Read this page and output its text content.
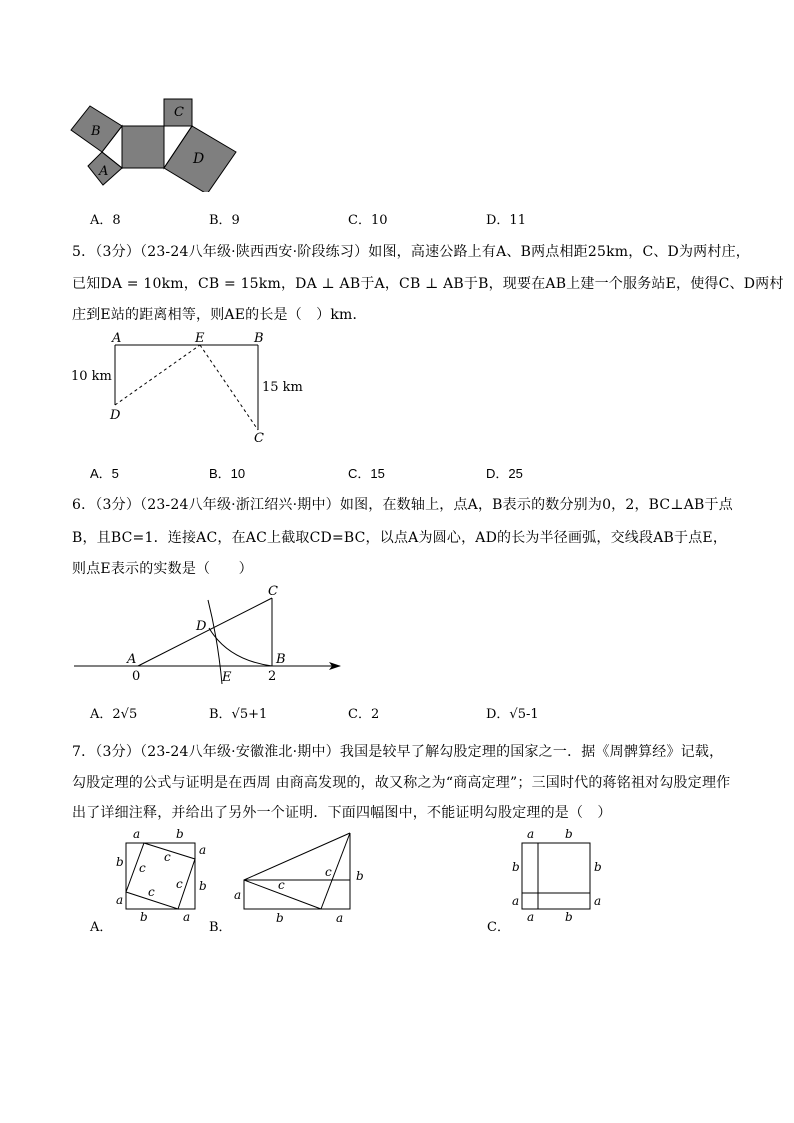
B
C
A
D
A．8	B．9	C．10	D．11
5．（3分）（23-24八年级·陕西西安·阶段练习）如图，高速公路上有A、B两点相距25km，C、D为两村庄，
已知DA = 10km，CB = 15km，DA ⊥ AB于A，CB ⊥ AB于B，现要在AB上建一个服务站E，使得C、D两村
庄到E站的距离相等，则AE的长是（　）km．
A	E	B
D
C
10 km
15 km
A．5	B．10	C．15	D．25
6．（3分）（23-24八年级·浙江绍兴·期中）如图，在数轴上，点A，B表示的数分别为0，2，BC⊥AB于点
B，且BC=1．连接AC，在AC上截取CD=BC，以点A为圆心，AD的长为半径画弧，交线段AB于点E，
则点E表示的实数是（　　）
C
D
A	B
E
0	2
A．2√5	B．√5+1	C．2	D．√5-1
7．（3分）（23-24八年级·安徽淮北·期中）我国是较早了解勾股定理的国家之一．据《周髀算经》记载，
勾股定理的公式与证明是在西周 由商高发现的，故又称之为“商高定理”；三国时代的蒋铭祖对勾股定理作
出了详细注释，并给出了另外一个证明．下面四幅图中，不能证明勾股定理的是（　）
a	b
a
b
b
a
b	a
c
c
c
c
A．
a
b	a
b
c
c
B．
a	b
b
a
b
a
a	b
C．
